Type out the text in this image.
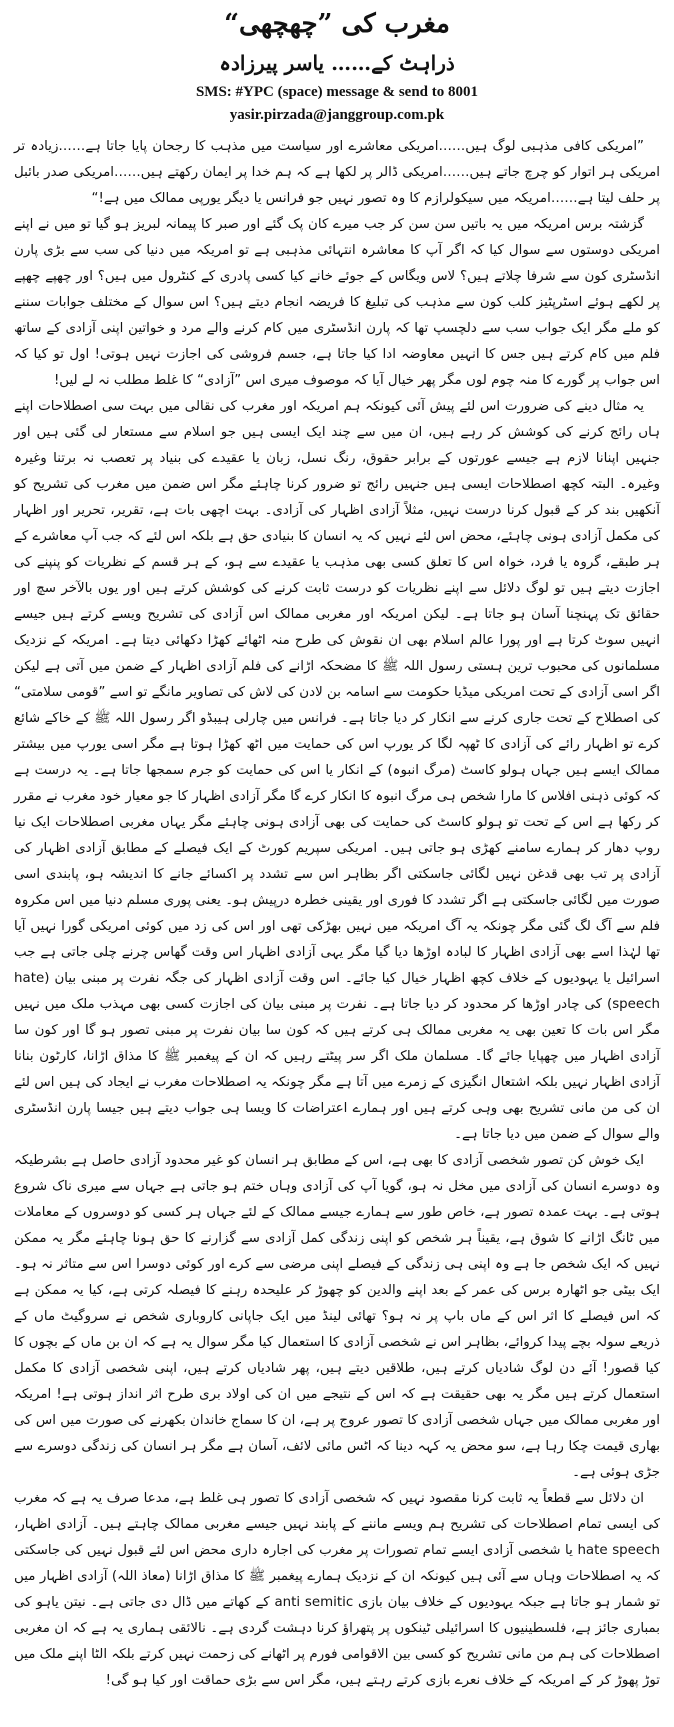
مغرب کی ”چھچھی“
ذراہٹ کے…… یاسر پیرزادہ
SMS: #YPC (space) message & send to 8001
yasir.pirzada@janggroup.com.pk

”امریکی کافی مذہبی لوگ ہیں……امریکی معاشرے اور سیاست میں مذہب کا رجحان پایا جاتا ہے……زیادہ تر امریکی ہر اتوار کو چرچ جاتے ہیں……امریکی ڈالر پر لکھا ہے کہ ہم خدا پر ایمان رکھتے ہیں……امریکی صدر بائبل پر حلف لیتا ہے……امریکہ میں سیکولرازم کا وہ تصور نہیں جو فرانس یا دیگر یورپی ممالک میں ہے!“

گزشتہ برس امریکہ میں یہ باتیں سن سن کر جب میرے کان پک گئے اور صبر کا پیمانہ لبریز ہو گیا تو میں نے اپنے امریکی دوستوں سے سوال کیا کہ اگر آپ کا معاشرہ انتہائی مذہبی ہے تو امریکہ میں دنیا کی سب سے بڑی پارن انڈسٹری کون سے شرفا چلاتے ہیں؟ لاس ویگاس کے جوئے خانے کیا کسی پادری کے کنٹرول میں ہیں؟ اور چھپے چھپے پر لکھے ہوئے اسٹرپٹیز کلب کون سے مذہب کی تبلیغ کا فریضہ انجام دیتے ہیں؟ اس سوال کے مختلف جوابات سننے کو ملے مگر ایک جواب سب سے دلچسپ تھا کہ پارن انڈسٹری میں کام کرنے والے مرد و خواتین اپنی آزادی کے ساتھ فلم میں کام کرتے ہیں جس کا انہیں معاوضہ ادا کیا جاتا ہے، جسم فروشی کی اجازت نہیں ہوتی! اول تو کیا کہ اس جواب پر گورے کا منہ چوم لوں مگر پھر خیال آیا کہ موصوف میری اس ”آزادی“ کا غلط مطلب نہ لے لیں!

یہ مثال دینے کی ضرورت اس لئے پیش آئی کیونکہ ہم امریکہ اور مغرب کی نقالی میں بہت سی اصطلاحات اپنے ہاں رائج کرنے کی کوشش کر رہے ہیں، ان میں سے چند ایک ایسی ہیں جو اسلام سے مستعار لی گئی ہیں اور جنہیں اپنانا لازم ہے جیسے عورتوں کے برابر حقوق، رنگ نسل، زبان یا عقیدے کی بنیاد پر تعصب نہ برتنا وغیرہ وغیرہ۔ البتہ کچھ اصطلاحات ایسی ہیں جنہیں رائج تو ضرور کرنا چاہئے مگر اس ضمن میں مغرب کی تشریح کو آنکھیں بند کر کے قبول کرنا درست نہیں، مثلاً آزادی اظہار کی آزادی۔ بہت اچھی بات ہے، تقریر، تحریر اور اظہار کی مکمل آزادی ہونی چاہئے، محض اس لئے نہیں کہ یہ انسان کا بنیادی حق ہے بلکہ اس لئے کہ جب آپ معاشرے کے ہر طبقے، گروہ یا فرد، خواہ اس کا تعلق کسی بھی مذہب یا عقیدے سے ہو، کے ہر قسم کے نظریات کو پنپنے کی اجازت دیتے ہیں تو لوگ دلائل سے اپنے نظریات کو درست ثابت کرنے کی کوشش کرتے ہیں اور یوں بالآخر سچ اور حقائق تک پہنچنا آسان ہو جاتا ہے۔ لیکن امریکہ اور مغربی ممالک اس آزادی کی تشریح ویسے کرتے ہیں جیسے انہیں سوٹ کرتا ہے اور پورا عالم اسلام بھی ان نقوش کی طرح منہ اٹھائے کھڑا دکھائی دیتا ہے۔ امریکہ کے نزدیک مسلمانوں کی محبوب ترین ہستی رسول اللہ ﷺ کا مضحکہ اڑانے کی فلم آزادی اظہار کے ضمن میں آتی ہے لیکن اگر اسی آزادی کے تحت امریکی میڈیا حکومت سے اسامہ بن لادن کی لاش کی تصاویر مانگے تو اسے ”قومی سلامتی“ کی اصطلاح کے تحت جاری کرنے سے انکار کر دیا جاتا ہے۔ فرانس میں چارلی ہیبڈو اگر رسول اللہ ﷺ کے خاکے شائع کرے تو اظہار رائے کی آزادی کا ٹھپہ لگا کر یورپ اس کی حمایت میں اٹھ کھڑا ہوتا ہے مگر اسی یورپ میں بیشتر ممالک ایسے ہیں جہاں ہولو کاسٹ (مرگ انبوہ) کے انکار یا اس کی حمایت کو جرم سمجھا جاتا ہے۔ یہ درست ہے کہ کوئی ذہنی افلاس کا مارا شخص ہی مرگ انبوہ کا انکار کرے گا مگر آزادی اظہار کا جو معیار خود مغرب نے مقرر کر رکھا ہے اس کے تحت تو ہولو کاسٹ کی حمایت کی بھی آزادی ہونی چاہئے مگر یہاں مغربی اصطلاحات ایک نیا روپ دھار کر ہمارے سامنے کھڑی ہو جاتی ہیں۔ امریکی سپریم کورٹ کے ایک فیصلے کے مطابق آزادی اظہار کی آزادی پر تب بھی قدغن نہیں لگائی جاسکتی اگر بظاہر اس سے تشدد پر اکسائے جانے کا اندیشہ ہو، پابندی اسی صورت میں لگائی جاسکتی ہے اگر تشدد کا فوری اور یقینی خطرہ درپیش ہو۔ یعنی پوری مسلم دنیا میں اس مکروہ فلم سے آگ لگ گئی مگر چونکہ یہ آگ امریکہ میں نہیں بھڑکی تھی اور اس کی زد میں کوئی امریکی گورا نہیں آیا تھا لہٰذا اسے بھی آزادی اظہار کا لبادہ اوڑھا دیا گیا مگر یہی آزادی اظہار اس وقت گھاس چرنے چلی جاتی ہے جب اسرائیل یا یہودیوں کے خلاف کچھ اظہار خیال کیا جائے۔ اس وقت آزادی اظہار کی جگہ نفرت پر مبنی بیان (hate speech) کی چادر اوڑھا کر محدود کر دیا جاتا ہے۔ نفرت پر مبنی بیان کی اجازت کسی بھی مہذب ملک میں نہیں مگر اس بات کا تعین بھی یہ مغربی ممالک ہی کرتے ہیں کہ کون سا بیان نفرت پر مبنی تصور ہو گا اور کون سا آزادی اظہار میں چھپایا جائے گا۔ مسلمان ملک اگر سر پیٹتے رہیں کہ ان کے پیغمبر ﷺ کا مذاق اڑانا، کارٹون بنانا آزادی اظہار نہیں بلکہ اشتعال انگیزی کے زمرے میں آتا ہے مگر چونکہ یہ اصطلاحات مغرب نے ایجاد کی ہیں اس لئے ان کی من مانی تشریح بھی وہی کرتے ہیں اور ہمارے اعتراضات کا ویسا ہی جواب دیتے ہیں جیسا پارن انڈسٹری والے سوال کے ضمن میں دیا جاتا ہے۔

ایک خوش کن تصور شخصی آزادی کا بھی ہے، اس کے مطابق ہر انسان کو غیر محدود آزادی حاصل ہے بشرطیکہ وہ دوسرے انسان کی آزادی میں مخل نہ ہو، گویا آپ کی آزادی وہاں ختم ہو جاتی ہے جہاں سے میری ناک شروع ہوتی ہے۔ بہت عمدہ تصور ہے، خاص طور سے ہمارے جیسے ممالک کے لئے جہاں ہر کسی کو دوسروں کے معاملات میں ٹانگ اڑانے کا شوق ہے، یقیناً ہر شخص کو اپنی زندگی کمل آزادی سے گزارنے کا حق ہونا چاہئے مگر یہ ممکن نہیں کہ ایک شخص جا ہے وہ اپنی ہی زندگی کے فیصلے اپنی مرضی سے کرے اور کوئی دوسرا اس سے متاثر نہ ہو۔ ایک بیٹی جو اٹھارہ برس کی عمر کے بعد اپنے والدین کو چھوڑ کر علیحدہ رہنے کا فیصلہ کرتی ہے، کیا یہ ممکن ہے کہ اس فیصلے کا اثر اس کے ماں باپ پر نہ ہو؟ تھائی لینڈ میں ایک جاپانی کاروباری شخص نے سروگیٹ ماں کے ذریعے سولہ بچے پیدا کروائے، بظاہر اس نے شخصی آزادی کا استعمال کیا مگر سوال یہ ہے کہ ان بن ماں کے بچوں کا کیا قصور! آئے دن لوگ شادیاں کرتے ہیں، طلاقیں دیتے ہیں، پھر شادیاں کرتے ہیں، اپنی شخصی آزادی کا مکمل استعمال کرتے ہیں مگر یہ بھی حقیقت ہے کہ اس کے نتیجے میں ان کی اولاد بری طرح اثر انداز ہوتی ہے! امریکہ اور مغربی ممالک میں جہاں شخصی آزادی کا تصور عروج پر ہے، ان کا سماج خاندان بکھرنے کی صورت میں اس کی بھاری قیمت چکا رہا ہے، سو محض یہ کہہ دینا کہ اٹس مائی لائف، آسان ہے مگر ہر انسان کی زندگی دوسرے سے جڑی ہوئی ہے۔

ان دلائل سے قطعاً یہ ثابت کرنا مقصود نہیں کہ شخصی آزادی کا تصور ہی غلط ہے، مدعا صرف یہ ہے کہ مغرب کی ایسی تمام اصطلاحات کی تشریح ہم ویسے ماننے کے پابند نہیں جیسے مغربی ممالک چاہتے ہیں۔ آزادی اظہار، hate speech یا شخصی آزادی ایسے تمام تصورات پر مغرب کی اجارہ داری محض اس لئے قبول نہیں کی جاسکتی کہ یہ اصطلاحات وہاں سے آئی ہیں کیونکہ ان کے نزدیک ہمارے پیغمبر ﷺ کا مذاق اڑانا (معاذ اللہ) آزادی اظہار میں تو شمار ہو جاتا ہے جبکہ یہودیوں کے خلاف بیان بازی anti semitic کے کھاتے میں ڈال دی جاتی ہے۔ نیتن یاہو کی بمباری جائز ہے، فلسطینیوں کا اسرائیلی ٹینکوں پر پتھراؤ کرنا دہشت گردی ہے۔ نالائقی ہماری یہ ہے کہ ان مغربی اصطلاحات کی ہم من مانی تشریح کو کسی بین الاقوامی فورم پر اٹھانے کی زحمت نہیں کرتے بلکہ الٹا اپنے ملک میں توڑ پھوڑ کر کے امریکہ کے خلاف نعرے بازی کرتے رہتے ہیں، مگر اس سے بڑی حماقت اور کیا ہو گی!
